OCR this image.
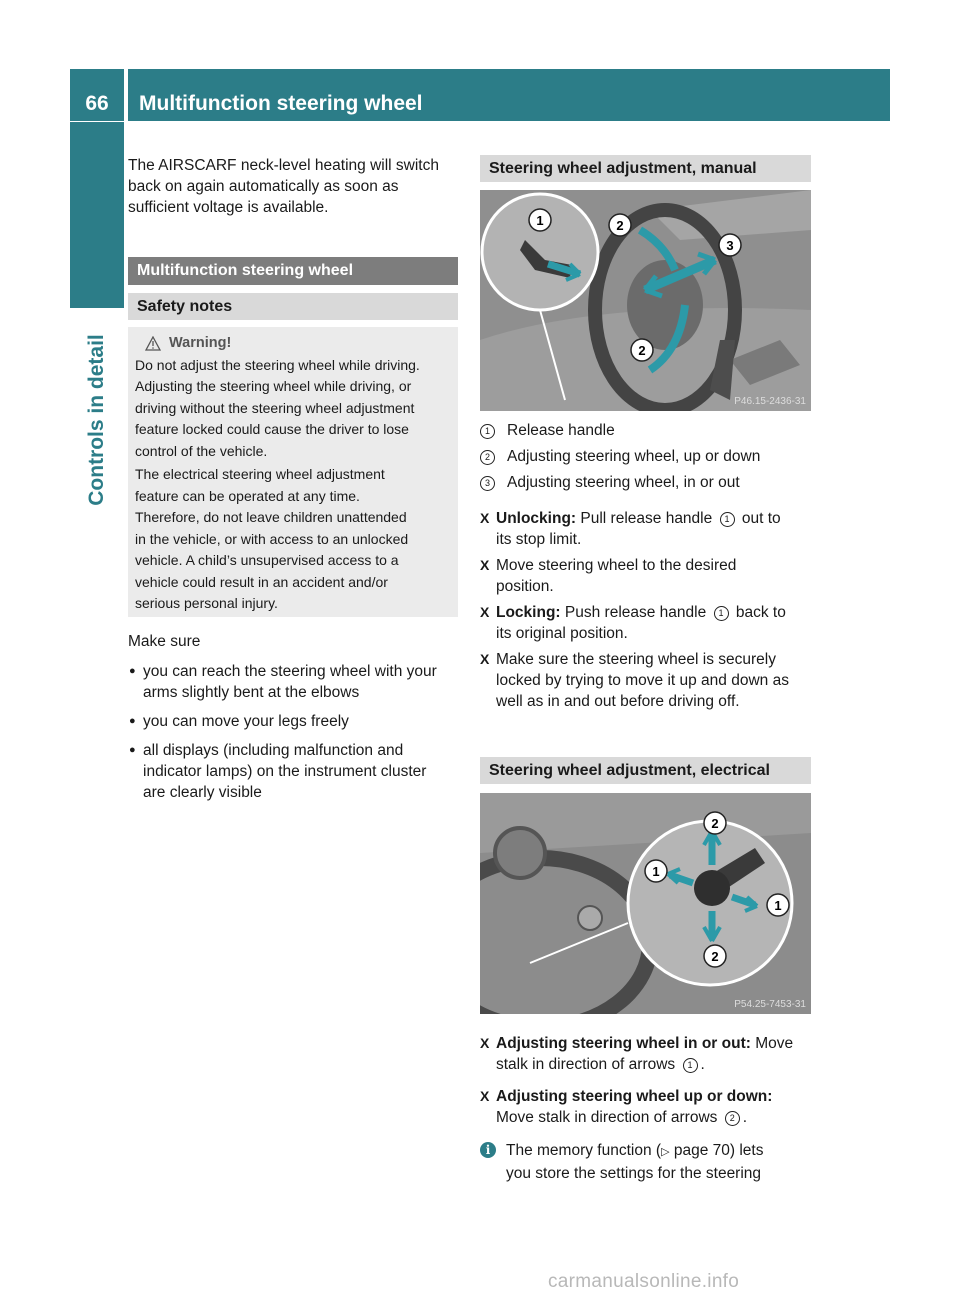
66	Multifunction steering wheel
Controls in detail
The AIRSCARF neck-level heating will switch
back on again automatically as soon as
sufficient voltage is available.
Multifunction steering wheel
Safety notes
Warning!

Do not adjust the steering wheel while driving.
Adjusting the steering wheel while driving, or
driving without the steering wheel adjustment
feature locked could cause the driver to lose
control of the vehicle.

The electrical steering wheel adjustment
feature can be operated at any time.
Therefore, do not leave children unattended
in the vehicle, or with access to an unlocked
vehicle. A child’s unsupervised access to a
vehicle could result in an accident and/or
serious personal injury.

Make sure
● you can reach the steering wheel with your
arms slightly bent at the elbows
● you can move your legs freely
● all displays (including malfunction and
indicator lamps) on the instrument cluster
are clearly visible
Steering wheel adjustment, manual
1	2
3
2
P46.15-2436-31
1	Release handle
2	Adjusting steering wheel, up or down
3	Adjusting steering wheel, in or out
X Unlocking: Pull release handle 1 out to
its stop limit.
X Move steering wheel to the desired
position.
X Locking: Push release handle 1 back to
its original position.
X Make sure the steering wheel is securely
locked by trying to move it up and down as
well as in and out before driving off.
Steering wheel adjustment, electrical
2
1
1
2
P54.25-7453-31
X Adjusting steering wheel in or out: Move
stalk in direction of arrows 1 .
X Adjusting steering wheel up or down:
Move stalk in direction of arrows 2 .
i	The memory function (▷ page 70) lets
you store the settings for the steering
carmanualsonline.info
